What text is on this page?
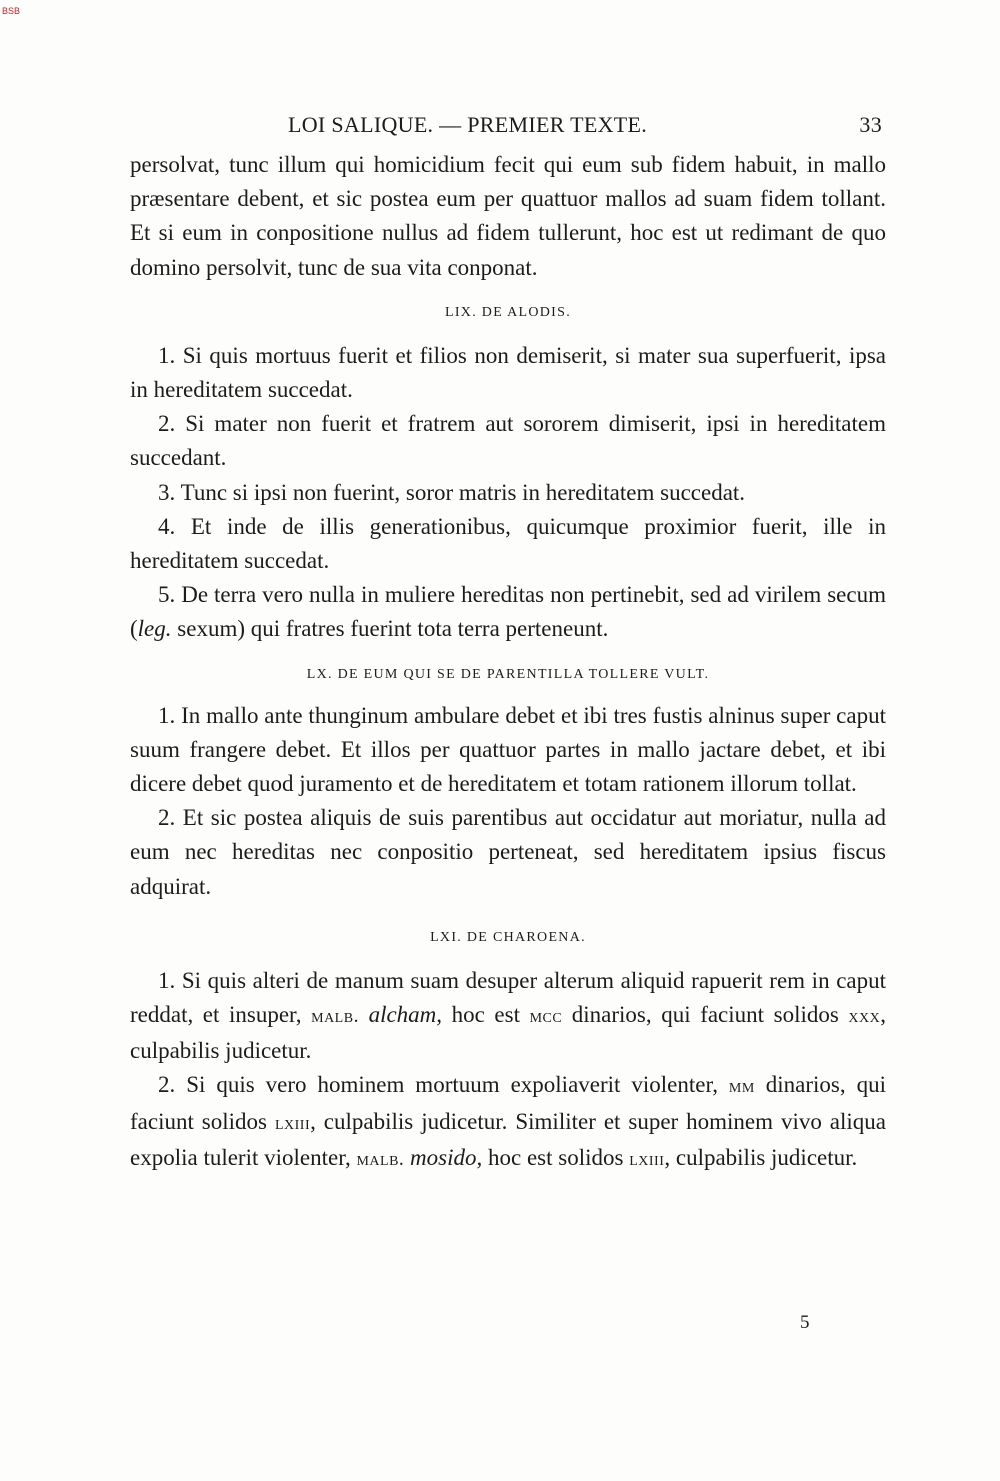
BSB
LOI SALIQUE. — PREMIER TEXTE.	33

persolvat, tunc illum qui homicidium fecit qui eum sub fidem habuit, in mallo præsentare debent, et sic postea eum per quattuor mallos ad suam fidem tollant. Et si eum in conpositione nullus ad fidem tullerunt, hoc est ut redimant de quo domino persolvit, tunc de sua vita conponat.

LIX. DE ALODIS.

1. Si quis mortuus fuerit et filios non demiserit, si mater sua superfuerit, ipsa in hereditatem succedat.

2. Si mater non fuerit et fratrem aut sororem dimiserit, ipsi in hereditatem succedant.

3. Tunc si ipsi non fuerint, soror matris in hereditatem succedat.

4. Et inde de illis generationibus, quicumque proximior fuerit, ille in hereditatem succedat.

5. De terra vero nulla in muliere hereditas non pertinebit, sed ad virilem secum (leg. sexum) qui fratres fuerint tota terra perteneunt.

LX. DE EUM QUI SE DE PARENTILLA TOLLERE VULT.

1. In mallo ante thunginum ambulare debet et ibi tres fustis alninus super caput suum frangere debet. Et illos per quattuor partes in mallo jactare debet, et ibi dicere debet quod juramento et de hereditatem et totam rationem illorum tollat.

2. Et sic postea aliquis de suis parentibus aut occidatur aut moriatur, nulla ad eum nec hereditas nec conpositio perteneat, sed hereditatem ipsius fiscus adquirat.

LXI. DE CHAROENA.

1. Si quis alteri de manum suam desuper alterum aliquid rapuerit rem in caput reddat, et insuper, malb. alcham, hoc est mcc dinarios, qui faciunt solidos xxx, culpabilis judicetur.

2. Si quis vero hominem mortuum expoliaverit violenter, mm dinarios, qui faciunt solidos lxiii, culpabilis judicetur. Similiter et super hominem vivo aliqua expolia tulerit violenter, malb. mosido, hoc est solidos lxiii, culpabilis judicetur.

5
